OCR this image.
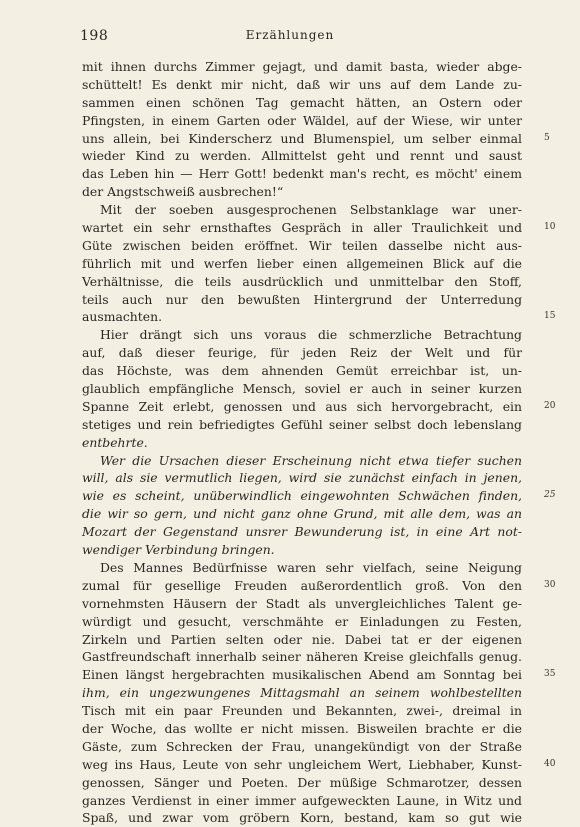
198	Erzählungen
mit ihnen durchs Zimmer gejagt, und damit basta, wieder abge-
schüttelt! Es denkt mir nicht, daß wir uns auf dem Lande zu-
sammen einen schönen Tag gemacht hätten, an Ostern oder
Pfingsten, in einem Garten oder Wäldel, auf der Wiese, wir unter
uns allein, bei Kinderscherz und Blumenspiel, um selber einmal 5
wieder Kind zu werden. Allmittelst geht und rennt und saust
das Leben hin — Herr Gott! bedenkt man's recht, es möcht' einem
der Angstschweiß ausbrechen!“
Mit der soeben ausgesprochenen Selbstanklage war uner-
wartet ein sehr ernsthaftes Gespräch in aller Traulichkeit und 10
Güte zwischen beiden eröffnet. Wir teilen dasselbe nicht aus-
führlich mit und werfen lieber einen allgemeinen Blick auf die
Verhältnisse, die teils ausdrücklich und unmittelbar den Stoff,
teils auch nur den bewußten Hintergrund der Unterredung
ausmachten.	15
Hier drängt sich uns voraus die schmerzliche Betrachtung
auf, daß dieser feurige, für jeden Reiz der Welt und für
das Höchste, was dem ahnenden Gemüt erreichbar ist, un-
glaublich empfängliche Mensch, soviel er auch in seiner kurzen
Spanne Zeit erlebt, genossen und aus sich hervorgebracht, ein 20
stetiges und rein befriedigtes Gefühl seiner selbst doch lebenslang
entbehrte.
Wer die Ursachen dieser Erscheinung nicht etwa tiefer suchen
will, als sie vermutlich liegen, wird sie zunächst einfach in jenen,
wie es scheint, unüberwindlich eingewohnten Schwächen finden, 25
die wir so gern, und nicht ganz ohne Grund, mit alle dem, was an
Mozart der Gegenstand unsrer Bewunderung ist, in eine Art not-
wendiger Verbindung bringen.
Des Mannes Bedürfnisse waren sehr vielfach, seine Neigung
zumal für gesellige Freuden außerordentlich groß. Von den 30
vornehmsten Häusern der Stadt als unvergleichliches Talent ge-
würdigt und gesucht, verschmähte er Einladungen zu Festen,
Zirkeln und Partien selten oder nie. Dabei tat er der eigenen
Gastfreundschaft innerhalb seiner näheren Kreise gleichfalls genug.
Einen längst hergebrachten musikalischen Abend am Sonntag bei 35
ihm, ein ungezwungenes Mittagsmahl an seinem wohlbestellten
Tisch mit ein paar Freunden und Bekannten, zwei-, dreimal in
der Woche, das wollte er nicht missen. Bisweilen brachte er die
Gäste, zum Schrecken der Frau, unangekündigt von der Straße
weg ins Haus, Leute von sehr ungleichem Wert, Liebhaber, Kunst- 40
genossen, Sänger und Poeten. Der müßige Schmarotzer, dessen
ganzes Verdienst in einer immer aufgeweckten Laune, in Witz und
Spaß, und zwar vom gröbern Korn, bestand, kam so gut wie
